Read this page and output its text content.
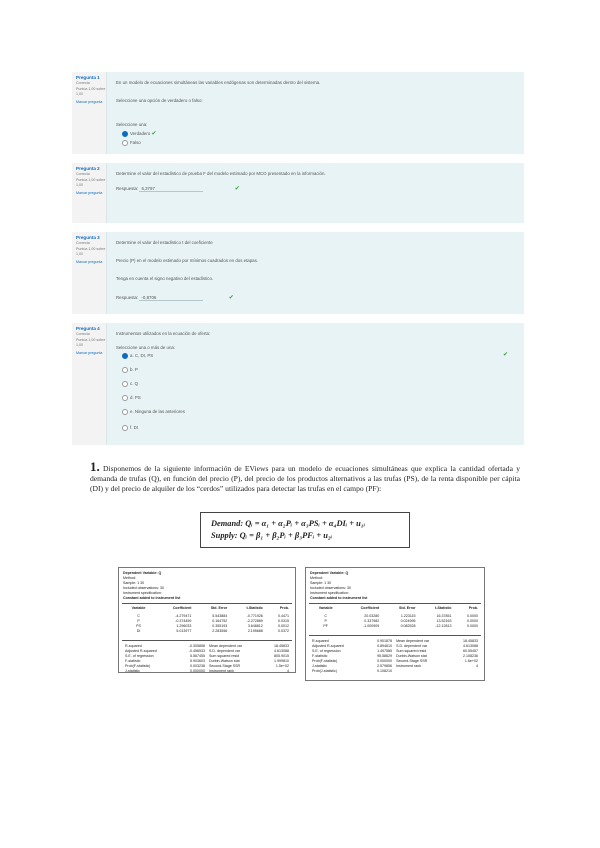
Pregunta 1
Correcta
Puntúa 1,00 sobre 1,00
Marcar pregunta
En un modelo de ecuaciones simultáneas las variables endógenas son determinadas dentro del sistema.
Seleccione una opción de verdadero o falso:
Seleccione una:
Verdadero ✔
Falso
Pregunta 2
Correcta
Puntúa 1,00 sobre 1,00
Marcar pregunta
Determine el valor del estadístico de prueba F del modelo estimado por MCO presentado en la información.
Respuesta: 6,3797	✔
Pregunta 3
Correcta
Puntúa 1,00 sobre 1,00
Marcar pregunta
Determine el valor del estadístico t del coeficiente
Precio (P) en el modelo estimado por mínimos cuadrados en dos etapas.
Tenga en cuenta el signo negativo del estadístico.
Respuesta: -0,8706	✔
Pregunta 4
Correcta
Puntúa 1,00 sobre 1,00
Marcar pregunta
Instrumentos utilizados en la ecuación de oferta:
Seleccione una o más de una:
a. C, DI, PS	✔
b. P
c. Q
d. PS
e. Ninguna de las anteriores
f. DI
1. Disponemos de la siguiente información de EViews para un modelo de ecuaciones simultáneas que explica la cantidad ofertada y demanda de trufas (Q), en función del precio (P), del precio de los productos alternativos a las trufas (PS), de la renta disponible per cápita (DI) y del precio de alquiler de los “cerdos” utilizados para detectar las trufas en el campo (PF):
Demand: Qᵢ = α₁ + α₂Pᵢ + α₃PSᵢ + α₄DIᵢ + u₁ᵢ
Supply: Qᵢ = β₁ + β₂Pᵢ + β₃PFᵢ + u₂ᵢ
Dependent Variable: Q
Method:
Sample: 1 30
Included observations: 30
Instrument specification:
Constant added to instrument list
Variable	Coefficient	Std. Error	t-Statistic	Prob.

C	-4.279471	5.543884	-0.771926	0.4471
P	-0.374459	0.164752	-2.272869	0.0315
PS	1.296033	0.355193	3.648812	0.0012
DI	5.013977	2.283556	2.195688	0.0372
R-squared	-0.305858	Mean dependent var	18.45833
Adjusted R-squared	-0.456533	S.D. dependent var	4.613088
S.E. of regression	5.567455	Sum squared resid	805.9015
F-statistic	5.903603	Durbin-Watson stat	1.999810
Prob(F-statistic)	0.003238	Second-Stage SSR	1.5e+02
J-statistic	0.000000	Instrument rank	4
Dependent Variable: Q
Method:
Sample: 1 30
Included observations: 30
Instrument specification:
Constant added to instrument list
Variable	Coefficient	Std. Error	t-Statistic	Prob.

C	20.03280	1.223115	16.37851	0.0000
P	0.337982	0.024995	13.52163	0.0000
PF	-1.000909	0.082528	-12.12813	0.0000
R-squared	0.901878	Mean dependent var	18.45833
Adjusted R-squared	0.894610	S.D. dependent var	4.613088
S.E. of regression	1.497585	Sum squared resid	60.55457
F-statistic	95.58629	Durbin-Watson stat	2.108236
Prob(F-statistic)	0.000000	Second-Stage SSR	1.6e+02
J-statistic	2.579856	Instrument rank	4
Prob(J-statistic)	0.108210		
